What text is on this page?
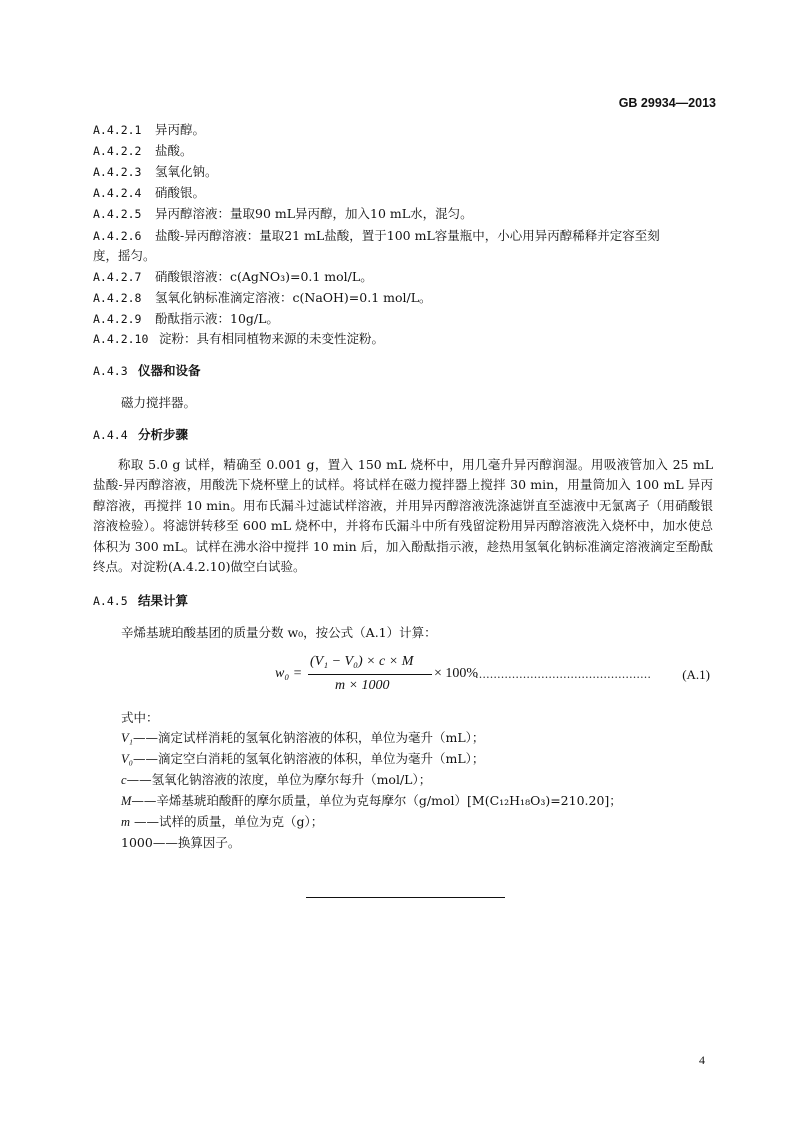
GB 29934—2013
A.4.2.1 异丙醇。
A.4.2.2 盐酸。
A.4.2.3 氢氧化钠。
A.4.2.4 硝酸银。
A.4.2.5 异丙醇溶液：量取90 mL异丙醇，加入10 mL水，混匀。
A.4.2.6 盐酸-异丙醇溶液：量取21 mL盐酸，置于100 mL容量瓶中，小心用异丙醇稀释并定容至刻
度，摇匀。
A.4.2.7 硝酸银溶液：c(AgNO₃)=0.1 mol/L。
A.4.2.8 氢氧化钠标准滴定溶液：c(NaOH)=0.1 mol/L。
A.4.2.9 酚酞指示液：10g/L。
A.4.2.10 淀粉：具有相同植物来源的未变性淀粉。
A.4.3 仪器和设备
磁力搅拌器。
A.4.4 分析步骤

称取 5.0 g 试样，精确至 0.001 g，置入 150 mL 烧杯中，用几毫升异丙醇润湿。用吸液管加入 25 mL 盐酸-异丙醇溶液，用酸洗下烧杯壁上的试样。将试样在磁力搅拌器上搅拌 30 min，用量筒加入 100 mL 异丙醇溶液，再搅拌 10 min。用布氏漏斗过滤试样溶液，并用异丙醇溶液洗涤滤饼直至滤液中无氯离子（用硝酸银溶液检验）。将滤饼转移至 600 mL 烧杯中，并将布氏漏斗中所有残留淀粉用异丙醇溶液洗入烧杯中，加水使总体积为 300 mL。试样在沸水浴中搅拌 10 min 后，加入酚酞指示液，趁热用氢氧化钠标准滴定溶液滴定至酚酞终点。对淀粉(A.4.2.10)做空白试验。

A.4.5 结果计算
辛烯基琥珀酸基团的质量分数 w₀，按公式（A.1）计算：
w₀ =
(V₁ − V₀) × c × M
m × 1000
× 100%
………………………………………… (A.1)
式中：
V₁——滴定试样消耗的氢氧化钠溶液的体积，单位为毫升（mL）；
V₀——滴定空白消耗的氢氧化钠溶液的体积，单位为毫升（mL）；
c——氢氧化钠溶液的浓度，单位为摩尔每升（mol/L）；
M——辛烯基琥珀酸酐的摩尔质量，单位为克每摩尔（g/mol）[M(C₁₂H₁₈O₃)=210.20]；
m ——试样的质量，单位为克（g）；
1000——换算因子。
4
